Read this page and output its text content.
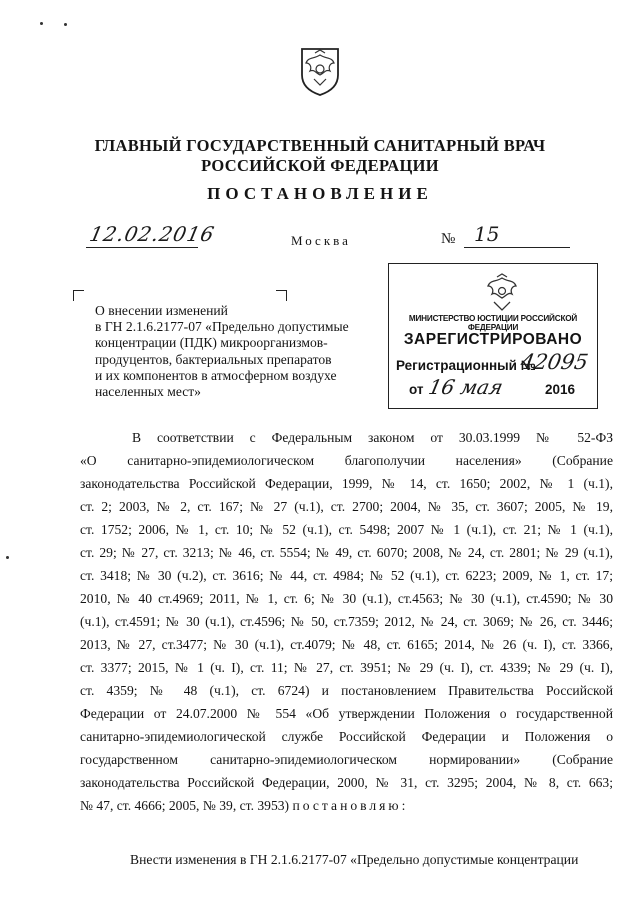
ГЛАВНЫЙ ГОСУДАРСТВЕННЫЙ САНИТАРНЫЙ ВРАЧ
РОССИЙСКОЙ ФЕДЕРАЦИИ
ПОСТАНОВЛЕНИЕ
12.02.2016	Москва	№ 15
О внесении изменений
в ГН 2.1.6.2177-07 «Предельно допустимые
концентрации (ПДК) микроорганизмов-
продуцентов, бактериальных препаратов
и их компонентов в атмосферном воздухе
населенных мест»
МИНИСТЕРСТВО ЮСТИЦИИ РОССИЙСКОЙ ФЕДЕРАЦИИ
ЗАРЕГИСТРИРОВАНО
Регистрационный №
42095
от 16 мая	2016
В соответствии с Федеральным законом от 30.03.1999 № 52-ФЗ
«О санитарно-эпидемиологическом благополучии населения» (Собрание
законодательства Российской Федерации, 1999, № 14, ст. 1650; 2002, № 1 (ч.1),
ст. 2; 2003, № 2, ст. 167; № 27 (ч.1), ст. 2700; 2004, № 35, ст. 3607; 2005, № 19,
ст. 1752; 2006, № 1, ст. 10; № 52 (ч.1), ст. 5498; 2007 № 1 (ч.1), ст. 21; № 1 (ч.1),
ст. 29; № 27, ст. 3213; № 46, ст. 5554; № 49, ст. 6070; 2008, № 24, ст. 2801; № 29 (ч.1),
ст. 3418; № 30 (ч.2), ст. 3616; № 44, ст. 4984; № 52 (ч.1), ст. 6223; 2009, № 1, ст. 17;
2010, № 40 ст.4969; 2011, № 1, ст. 6; № 30 (ч.1), ст.4563; № 30 (ч.1), ст.4590; № 30
(ч.1), ст.4591; № 30 (ч.1), ст.4596; № 50, ст.7359; 2012, № 24, ст. 3069; № 26, ст. 3446;
2013, № 27, ст.3477; № 30 (ч.1), ст.4079; № 48, ст. 6165; 2014, № 26 (ч. I), ст. 3366,
ст. 3377; 2015, № 1 (ч. I), ст. 11; № 27, ст. 3951; № 29 (ч. I), ст. 4339; № 29 (ч. I),
ст. 4359; № 48 (ч.1), ст. 6724) и постановлением Правительства Российской
Федерации от 24.07.2000 № 554 «Об утверждении Положения о государственной
санитарно-эпидемиологической службе Российской Федерации и Положения о
государственном санитарно-эпидемиологическом нормировании» (Собрание
законодательства Российской Федерации, 2000, № 31, ст. 3295; 2004, № 8, ст. 663;
№ 47, ст. 4666; 2005, № 39, ст. 3953) постановляю:
Внести изменения в ГН 2.1.6.2177-07 «Предельно допустимые концентрации
